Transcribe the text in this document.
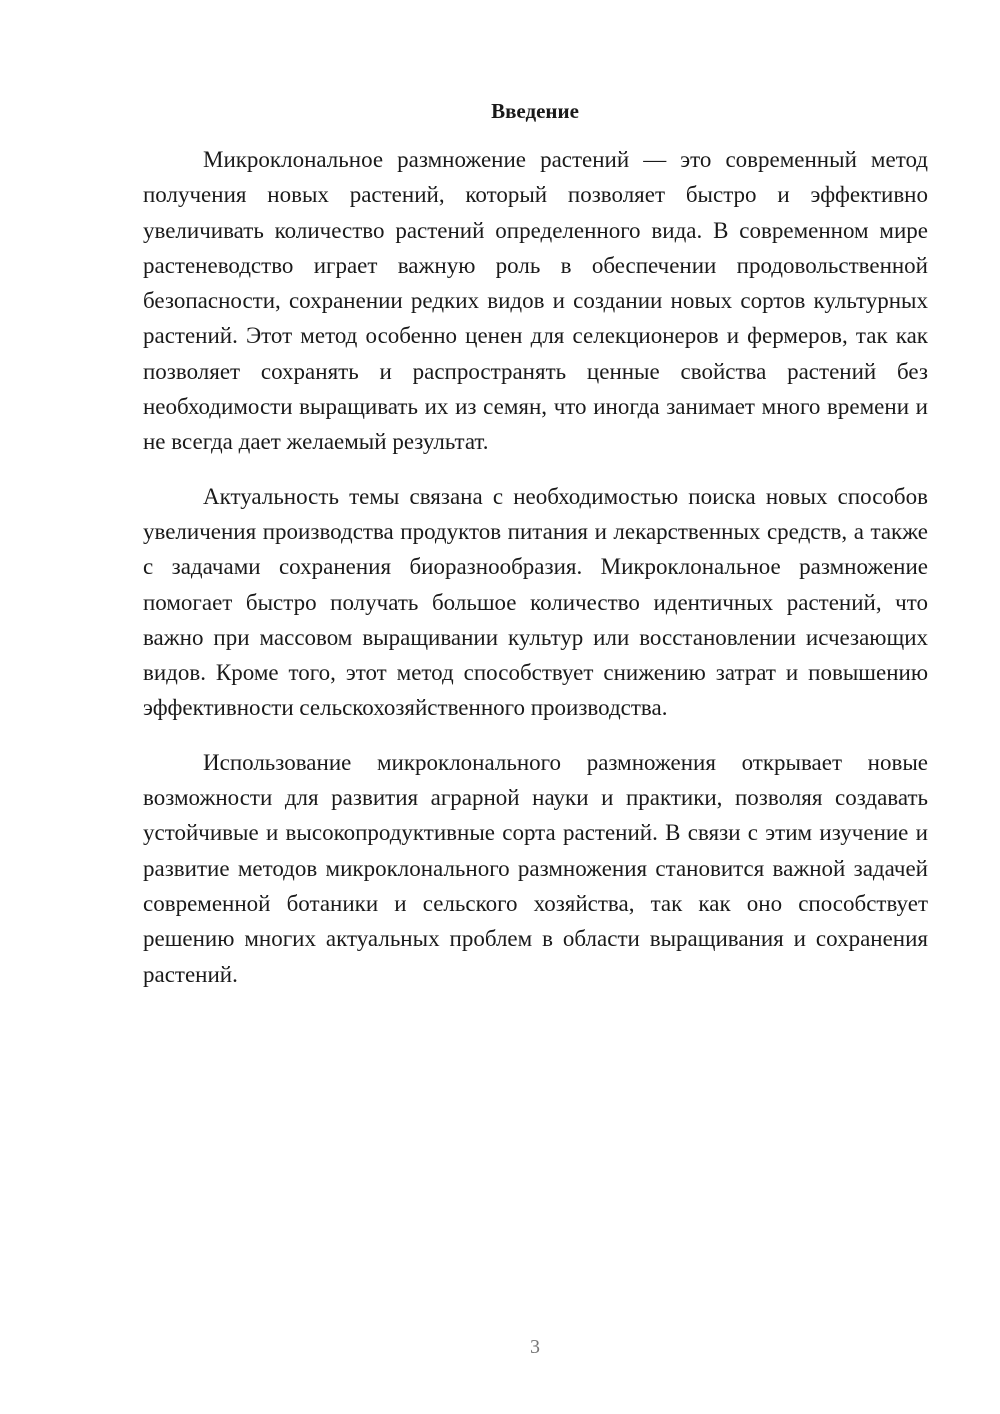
Введение

Микроклональное размножение растений — это современный метод получения новых растений, который позволяет быстро и эффективно увеличивать количество растений определенного вида. В современном мире растеневодство играет важную роль в обеспечении продовольственной безопасности, сохранении редких видов и создании новых сортов культурных растений. Этот метод особенно ценен для селекционеров и фермеров, так как позволяет сохранять и распространять ценные свойства растений без необходимости выращивать их из семян, что иногда занимает много времени и не всегда дает желаемый результат.

Актуальность темы связана с необходимостью поиска новых способов увеличения производства продуктов питания и лекарственных средств, а также с задачами сохранения биоразнообразия. Микроклональное размножение помогает быстро получать большое количество идентичных растений, что важно при массовом выращивании культур или восстановлении исчезающих видов. Кроме того, этот метод способствует снижению затрат и повышению эффективности сельскохозяйственного производства.

Использование микроклонального размножения открывает новые возможности для развития аграрной науки и практики, позволяя создавать устойчивые и высокопродуктивные сорта растений. В связи с этим изучение и развитие методов микроклонального размножения становится важной задачей современной ботаники и сельского хозяйства, так как оно способствует решению многих актуальных проблем в области выращивания и сохранения растений.

3
